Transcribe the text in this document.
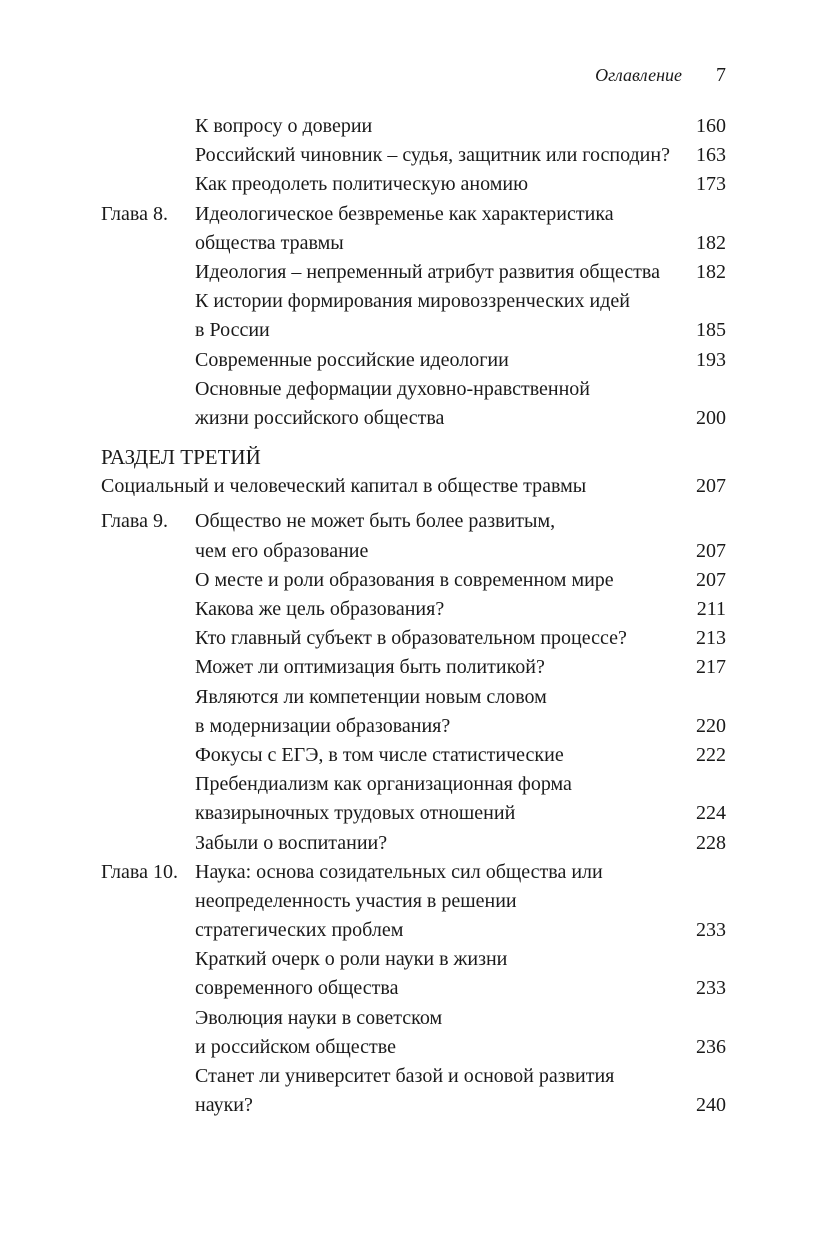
Оглавление 7
К вопросу о доверии	160
Российский чиновник – судья, защитник или господин? 163
Как преодолеть политическую аномию	173
Глава 8. Идеологическое безвременье как характеристика
общества травмы	182
Идеология – непременный атрибут развития общества 182
К истории формирования мировоззренческих идей
в России	185
Современные российские идеологии	193
Основные деформации духовно-нравственной
жизни российского общества	200
РАЗДЕЛ ТРЕТИЙ
Социальный и человеческий капитал в обществе травмы	207
Глава 9. Общество не может быть более развитым,
чем его образование	207
О месте и роли образования в современном мире	207
Какова же цель образования?	211
Кто главный субъект в образовательном процессе?	213
Может ли оптимизация быть политикой?	217
Являются ли компетенции новым словом
в модернизации образования?	220
Фокусы с ЕГЭ, в том числе статистические	222
Пребендиализм как организационная форма
квазирыночных трудовых отношений	224
Забыли о воспитании?	228
Глава 10. Наука: основа созидательных сил общества или
неопределенность участия в решении
стратегических проблем	233
Краткий очерк о роли науки в жизни
современного общества	233
Эволюция науки в советском
и российском обществе	236
Станет ли университет базой и основой развития
науки?	240
